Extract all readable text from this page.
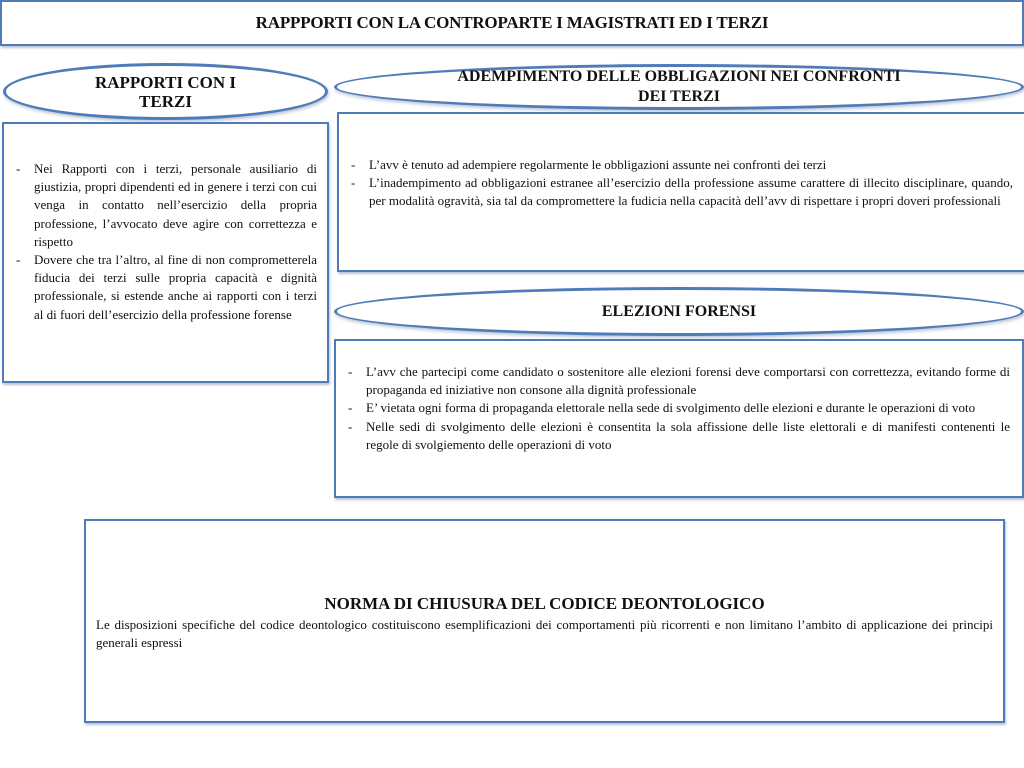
RAPPPORTI CON LA CONTROPARTE I MAGISTRATI ED I TERZI
RAPPORTI CON I TERZI
ADEMPIMENTO DELLE OBBLIGAZIONI NEI CONFRONTI DEI TERZI
- Nei Rapporti con i terzi, personale ausiliario di giustizia, propri dipendenti ed in genere i terzi con cui venga in contatto nell’esercizio della propria professione, l’avvocato deve agire con correttezza e rispetto
- Dovere che tra l’altro, al fine di non comprometterela fiducia dei terzi sulle propria capacità e dignità professionale, si estende anche ai rapporti con i terzi al di fuori dell’esercizio della professione forense
- L’avv è tenuto ad adempiere regolarmente le obbligazioni assunte nei confronti dei terzi
- L’inadempimento ad obbligazioni estranee all’esercizio della professione assume carattere di illecito disciplinare, quando, per modalità ogravità, sia tal da compromettere la fudicia nella capacità dell’avv di rispettare i propri doveri professionali
ELEZIONI FORENSI
- L’avv che partecipi come candidato o sostenitore alle elezioni forensi deve comportarsi con correttezza, evitando forme di propaganda ed iniziative non consone alla dignità professionale
- E’ vietata ogni forma di propaganda elettorale nella sede di svolgimento delle elezioni e durante le operazioni di voto
- Nelle sedi di svolgimento delle elezioni è consentita la sola affissione delle liste elettorali e di manifesti contenenti le regole di svolgiemento delle operazioni di voto
NORMA DI CHIUSURA DEL CODICE DEONTOLOGICO
Le disposizioni specifiche del codice deontologico costituiscono esemplificazioni dei comportamenti più ricorrenti e non limitano l’ambito di applicazione dei principi generali espressi
